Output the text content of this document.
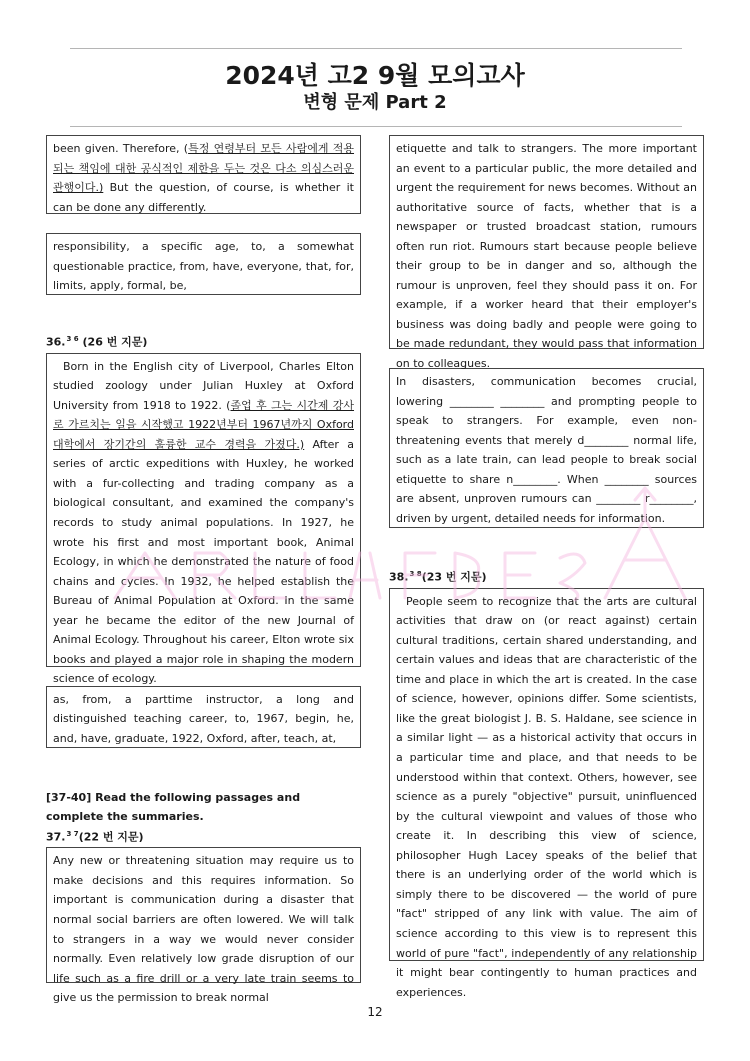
2024년 고2 9월 모의고사
변형 문제 Part 2
been given. Therefore, (특정 연령부터 모든 사람에게 적용되는 책임에 대한 공식적인 제한을 두는 것은 다소 의심스러운 관행이다.) But the question, of course, is whether it can be done any differently.
responsibility, a specific age, to, a somewhat questionable practice, from, have, everyone, that, for, limits, apply, formal, be,
36.$^{3 6}$ (26 번 지문)
Born in the English city of Liverpool, Charles Elton studied zoology under Julian Huxley at Oxford University from 1918 to 1922. (졸업 후 그는 시간제 강사로 가르치는 일을 시작했고 1922년부터 1967년까지 Oxford 대학에서 장기간의 훌륭한 교수 경력을 가졌다.) After a series of arctic expeditions with Huxley, he worked with a fur-collecting and trading company as a biological consultant, and examined the company's records to study animal populations. In 1927, he wrote his first and most important book, Animal Ecology, in which he demonstrated the nature of food chains and cycles. In 1932, he helped establish the Bureau of Animal Population at Oxford. In the same year he became the editor of the new Journal of Animal Ecology. Throughout his career, Elton wrote six books and played a major role in shaping the modern science of ecology.
as, from, a parttime instructor, a long and distinguished teaching career, to, 1967, begin, he, and, have, graduate, 1922, Oxford, after, teach, at,
[37-40] Read the following passages and complete the summaries.
37.$^{3 7}$(22 번 지문)
Any new or threatening situation may require us to make decisions and this requires information. So important is communication during a disaster that normal social barriers are often lowered. We will talk to strangers in a way we would never consider normally. Even relatively low grade disruption of our life such as a fire drill or a very late train seems to give us the permission to break normal
etiquette and talk to strangers. The more important an event to a particular public, the more detailed and urgent the requirement for news becomes. Without an authoritative source of facts, whether that is a newspaper or trusted broadcast station, rumours often run riot. Rumours start because people believe their group to be in danger and so, although the rumour is unproven, feel they should pass it on. For example, if a worker heard that their employer's business was doing badly and people were going to be made redundant, they would pass that information on to colleagues.
In disasters, communication becomes crucial, lowering ________ ________ and prompting people to speak to strangers. For example, even non-threatening events that merely d________ normal life, such as a late train, can lead people to break social etiquette to share n________. When ________ sources are absent, unproven rumours can ________ r________, driven by urgent, detailed needs for information.
38.$^{3 8}$(23 번 지문)
People seem to recognize that the arts are cultural activities that draw on (or react against) certain cultural traditions, certain shared understanding, and certain values and ideas that are characteristic of the time and place in which the art is created. In the case of science, however, opinions differ. Some scientists, like the great biologist J. B. S. Haldane, see science in a similar light — as a historical activity that occurs in a particular time and place, and that needs to be understood within that context. Others, however, see science as a purely "objective" pursuit, uninfluenced by the cultural viewpoint and values of those who create it. In describing this view of science, philosopher Hugh Lacey speaks of the belief that there is an underlying order of the world which is simply there to be discovered — the world of pure "fact" stripped of any link with value. The aim of science according to this view is to represent this world of pure "fact", independently of any relationship it might bear contingently to human practices and experiences.
12
